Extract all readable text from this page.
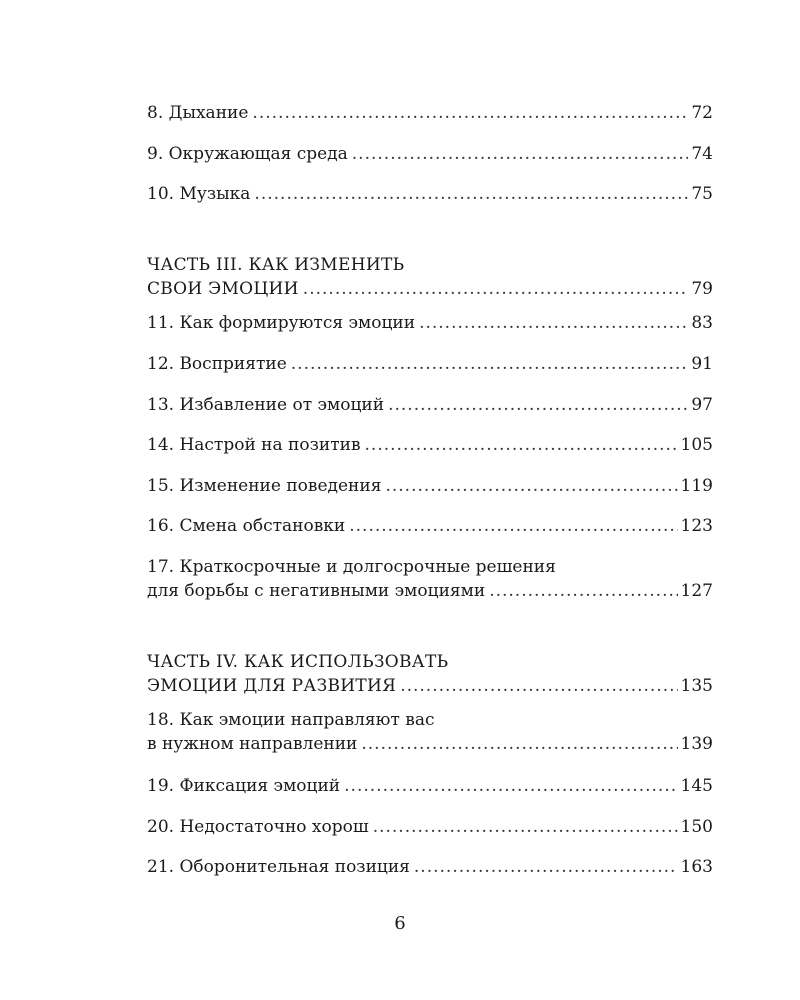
8. Дыхание .....	72
9. Окружающая среда .....	74
10. Музыка .....	75
ЧАСТЬ III. КАК ИЗМЕНИТЬ
СВОИ ЭМОЦИИ .....	79
11. Как формируются эмоции .....	83
12. Восприятие .....	91
13. Избавление от эмоций .....	97
14. Настрой на позитив .....	105
15. Изменение поведения .....	119
16. Смена обстановки .....	123
17. Краткосрочные и долгосрочные решения
для борьбы с негативными эмоциями .....	127
ЧАСТЬ IV. КАК ИСПОЛЬЗОВАТЬ
ЭМОЦИИ ДЛЯ РАЗВИТИЯ .....	135
18. Как эмоции направляют вас
в нужном направлении .....	139
19. Фиксация эмоций .....	145
20. Недостаточно хорош .....	150
21. Оборонительная позиция .....	163
6
